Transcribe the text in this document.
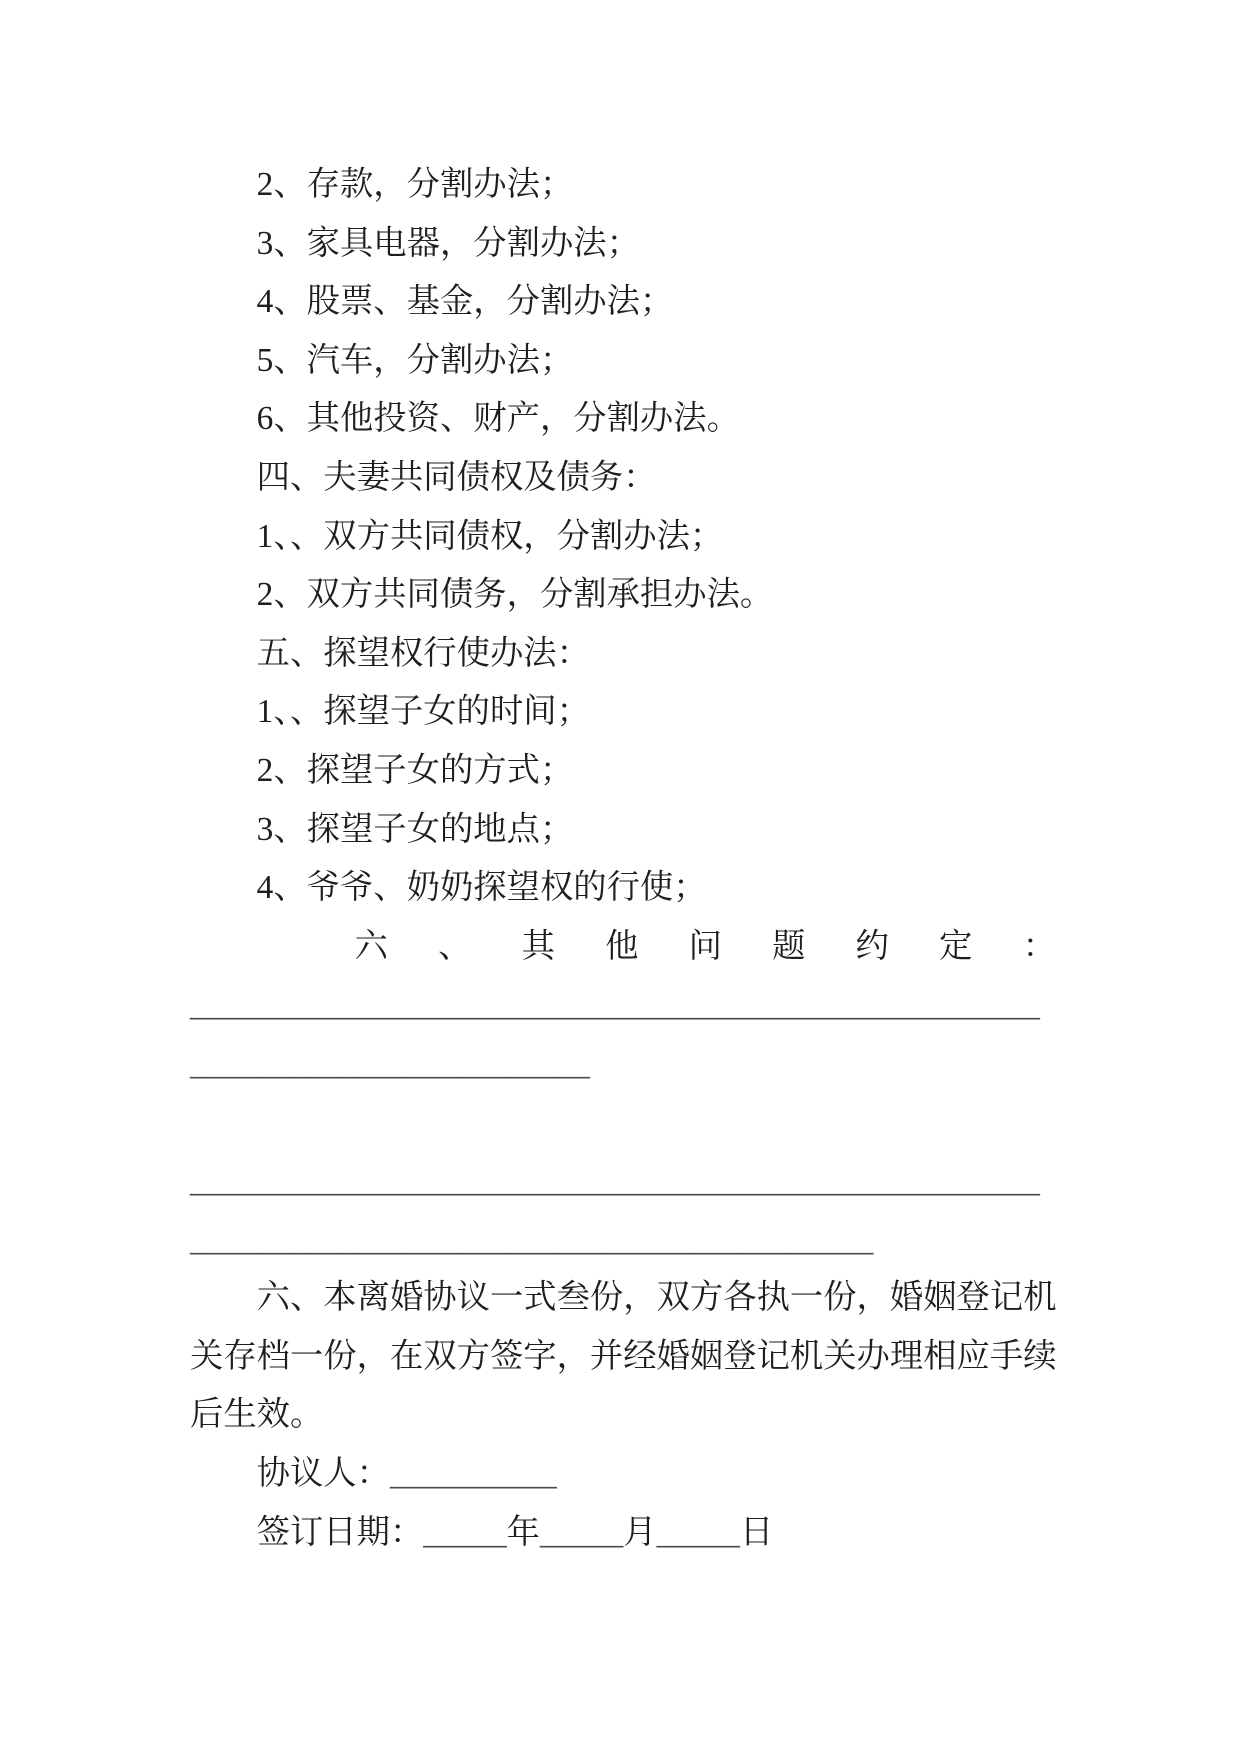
2、存款，分割办法；
3、家具电器，分割办法；
4、股票、基金，分割办法；
5、汽车，分割办法；
6、其他投资、财产，分割办法。
四、夫妻共同债权及债务：
1、、双方共同债权，分割办法；
2、双方共同债务，分割承担办法。
五、探望权行使办法：
1、、探望子女的时间；
2、探望子女的方式；
3、探望子女的地点；
4、爷爷、奶奶探望权的行使；
六 、 其 他 问 题 约 定 ：
___________________________________________________
________________________
___________________________________________________
_________________________________________
六、本离婚协议一式叁份，双方各执一份，婚姻登记机
关存档一份，在双方签字，并经婚姻登记机关办理相应手续
后生效。
协议人：__________
签订日期：_____年_____月_____日
